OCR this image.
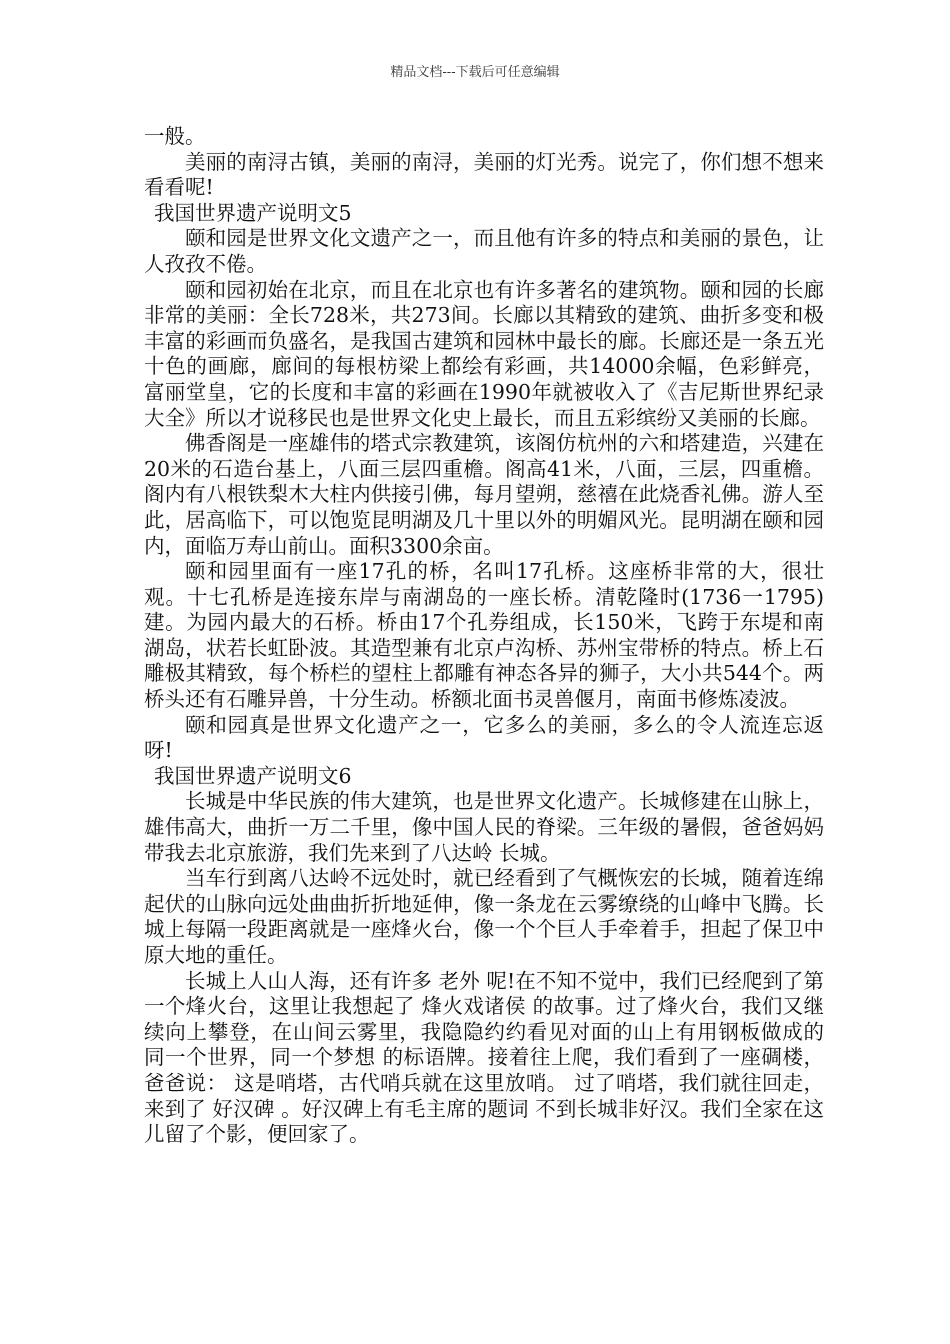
精品文档---下载后可任意编辑

一般。

美丽的南浔古镇，美丽的南浔，美丽的灯光秀。说完了，你们想不想来看看呢!

我国世界遗产说明文5

颐和园是世界文化文遗产之一，而且他有许多的特点和美丽的景色，让人孜孜不倦。

颐和园初始在北京，而且在北京也有许多著名的建筑物。颐和园的长廊非常的美丽：全长728米，共273间。长廊以其精致的建筑、曲折多变和极丰富的彩画而负盛名，是我国古建筑和园林中最长的廊。长廊还是一条五光十色的画廊，廊间的每根枋梁上都绘有彩画，共14000余幅，色彩鲜亮，富丽堂皇，它的长度和丰富的彩画在1990年就被收入了《吉尼斯世界纪录大全》所以才说移民也是世界文化史上最长，而且五彩缤纷又美丽的长廊。

佛香阁是一座雄伟的塔式宗教建筑，该阁仿杭州的六和塔建造，兴建在20米的石造台基上，八面三层四重檐。阁高41米，八面，三层，四重檐。阁内有八根铁梨木大柱内供接引佛，每月望朔，慈禧在此烧香礼佛。游人至此，居高临下，可以饱览昆明湖及几十里以外的明媚风光。昆明湖在颐和园内，面临万寿山前山。面积3300余亩。

颐和园里面有一座17孔的桥，名叫17孔桥。这座桥非常的大，很壮观。十七孔桥是连接东岸与南湖岛的一座长桥。清乾隆时(1736一1795)建。为园内最大的石桥。桥由17个孔券组成，长150米，飞跨于东堤和南湖岛，状若长虹卧波。其造型兼有北京卢沟桥、苏州宝带桥的特点。桥上石雕极其精致，每个桥栏的望柱上都雕有神态各异的狮子，大小共544个。两桥头还有石雕异兽，十分生动。桥额北面书灵兽偃月，南面书修炼凌波。

颐和园真是世界文化遗产之一，它多么的美丽，多么的令人流连忘返呀!

我国世界遗产说明文6

长城是中华民族的伟大建筑，也是世界文化遗产。长城修建在山脉上，雄伟高大，曲折一万二千里，像中国人民的脊梁。三年级的暑假，爸爸妈妈带我去北京旅游，我们先来到了八达岭 长城。

当车行到离八达岭不远处时，就已经看到了气概恢宏的长城，随着连绵起伏的山脉向远处曲曲折折地延伸，像一条龙在云雾缭绕的山峰中飞腾。长城上每隔一段距离就是一座烽火台，像一个个巨人手牵着手，担起了保卫中原大地的重任。

长城上人山人海，还有许多 老外 呢!在不知不觉中，我们已经爬到了第一个烽火台，这里让我想起了 烽火戏诸侯 的故事。过了烽火台，我们又继续向上攀登，在山间云雾里，我隐隐约约看见对面的山上有用钢板做成的 同一个世界，同一个梦想 的标语牌。接着往上爬，我们看到了一座碉楼，爸爸说： 这是哨塔，古代哨兵就在这里放哨。 过了哨塔，我们就往回走，来到了 好汉碑 。好汉碑上有毛主席的题词 不到长城非好汉。我们全家在这儿留了个影，便回家了。
